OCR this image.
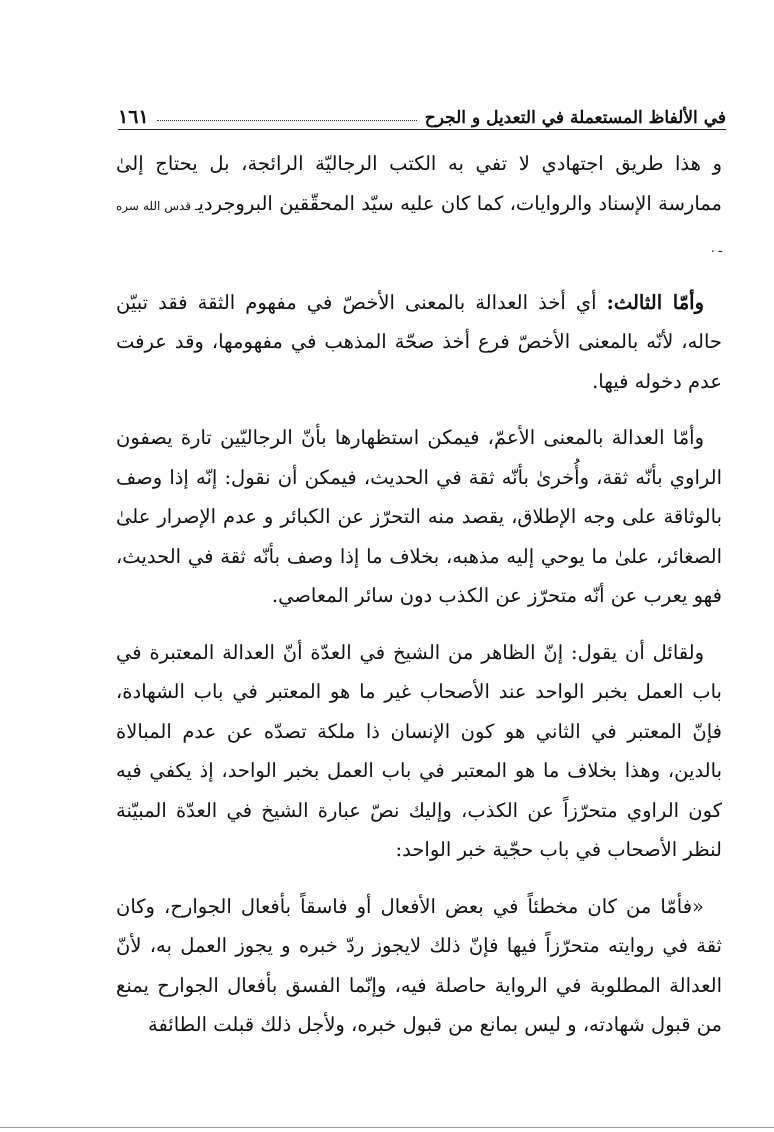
في الألفاظ المستعملة في التعديل و الجرح
١٦١

و هذا طريق اجتهادي لا تفي به الكتب الرجاليّة الرائجة، بل يحتاج إلىٰ ممارسة الإسناد والروايات، كما كان عليه سيّد المحقّقين البروجرديـ قدس الله سره ـ .

وأمّا الثالث: أي أخذ العدالة بالمعنى الأخصّ في مفهوم الثقة فقد تبيّن حاله، لأنّه بالمعنى الأخصّ فرع أخذ صحّة المذهب في مفهومها، وقد عرفت عدم دخوله فيها.

وأمّا العدالة بالمعنى الأعمّ، فيمكن استظهارها بأنّ الرجاليّين تارة يصفون الراوي بأنّه ثقة، وأُخرىٰ بأنّه ثقة في الحديث، فيمكن أن نقول: إنّه إذا وصف بالوثاقة على وجه الإطلاق، يقصد منه التحرّز عن الكبائر و عدم الإصرار علىٰ الصغائر، علىٰ ما يوحي إليه مذهبه، بخلاف ما إذا وصف بأنّه ثقة في الحديث، فهو يعرب عن أنّه متحرّز عن الكذب دون سائر المعاصي.

ولقائل أن يقول: إنّ الظاهر من الشيخ في العدّة أنّ العدالة المعتبرة في باب العمل بخبر الواحد عند الأصحاب غير ما هو المعتبر في باب الشهادة، فإنّ المعتبر في الثاني هو كون الإنسان ذا ملكة تصدّه عن عدم المبالاة بالدين، وهذا بخلاف ما هو المعتبر في باب العمل بخبر الواحد، إذ يكفي فيه كون الراوي متحرّزاً عن الكذب، وإليك نصّ عبارة الشيخ في العدّة المبيّنة لنظر الأصحاب في باب حجّية خبر الواحد:

«فأمّا من كان مخطئاً في بعض الأفعال أو فاسقاً بأفعال الجوارح، وكان ثقة في روايته متحرّزاً فيها فإنّ ذلك لايجوز ردّ خبره و يجوز العمل به، لأنّ العدالة المطلوبة في الرواية حاصلة فيه، وإنّما الفسق بأفعال الجوارح يمنع من قبول شهادته، و ليس بمانع من قبول خبره، ولأجل ذلك قبلت الطائفة
